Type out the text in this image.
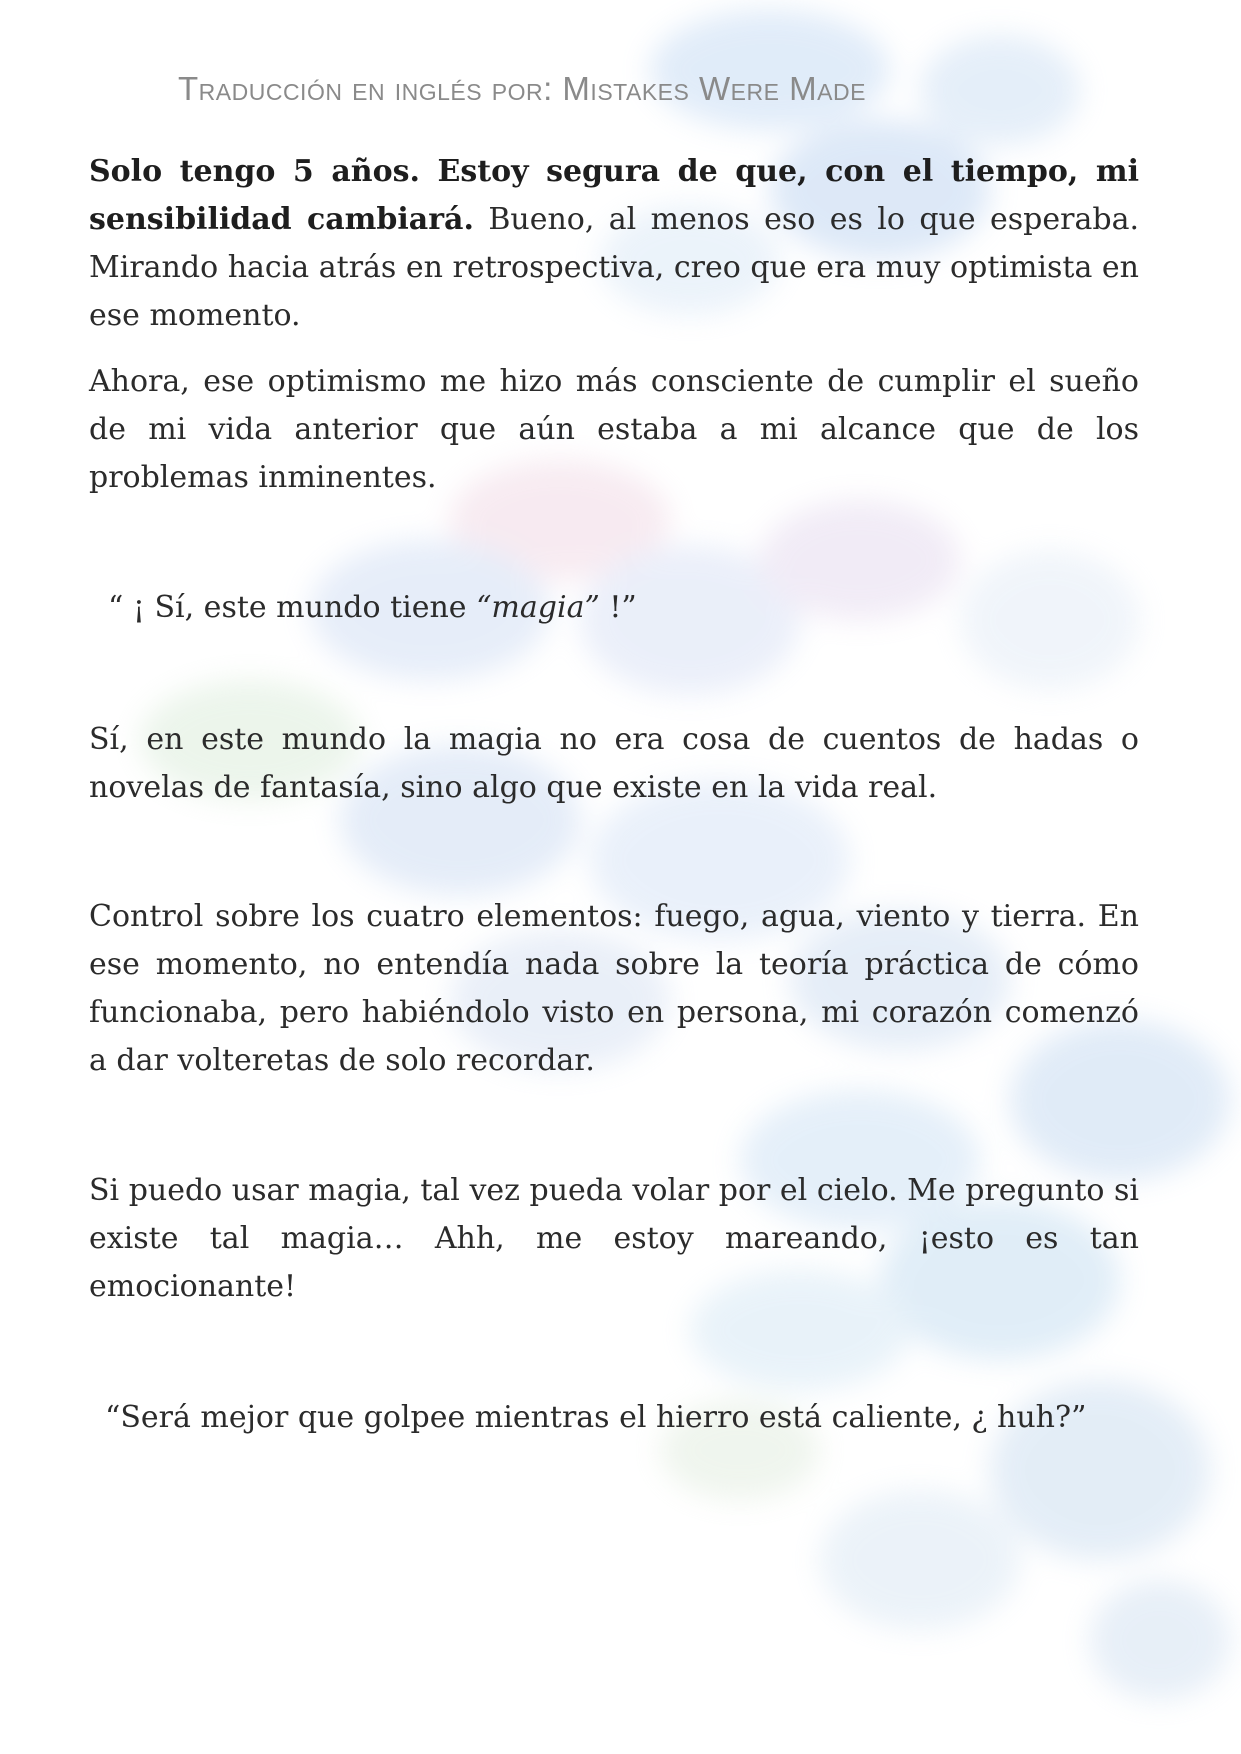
Traducción en inglés por: Mistakes Were Made

Solo tengo 5 años. Estoy segura de que, con el tiempo, mi sensibilidad cambiará. Bueno, al menos eso es lo que esperaba. Mirando hacia atrás en retrospectiva, creo que era muy optimista en ese momento.

Ahora, ese optimismo me hizo más consciente de cumplir el sueño de mi vida anterior que aún estaba a mi alcance que de los problemas inminentes.

“ ¡ Sí, este mundo tiene “magia” !”

Sí, en este mundo la magia no era cosa de cuentos de hadas o novelas de fantasía, sino algo que existe en la vida real.

Control sobre los cuatro elementos: fuego, agua, viento y tierra. En ese momento, no entendía nada sobre la teoría práctica de cómo funcionaba, pero habiéndolo visto en persona, mi corazón comenzó a dar volteretas de solo recordar.

Si puedo usar magia, tal vez pueda volar por el cielo. Me pregunto si existe tal magia… Ahh, me estoy mareando, ¡esto es tan emocionante!

“Será mejor que golpee mientras el hierro está caliente, ¿ huh?”
